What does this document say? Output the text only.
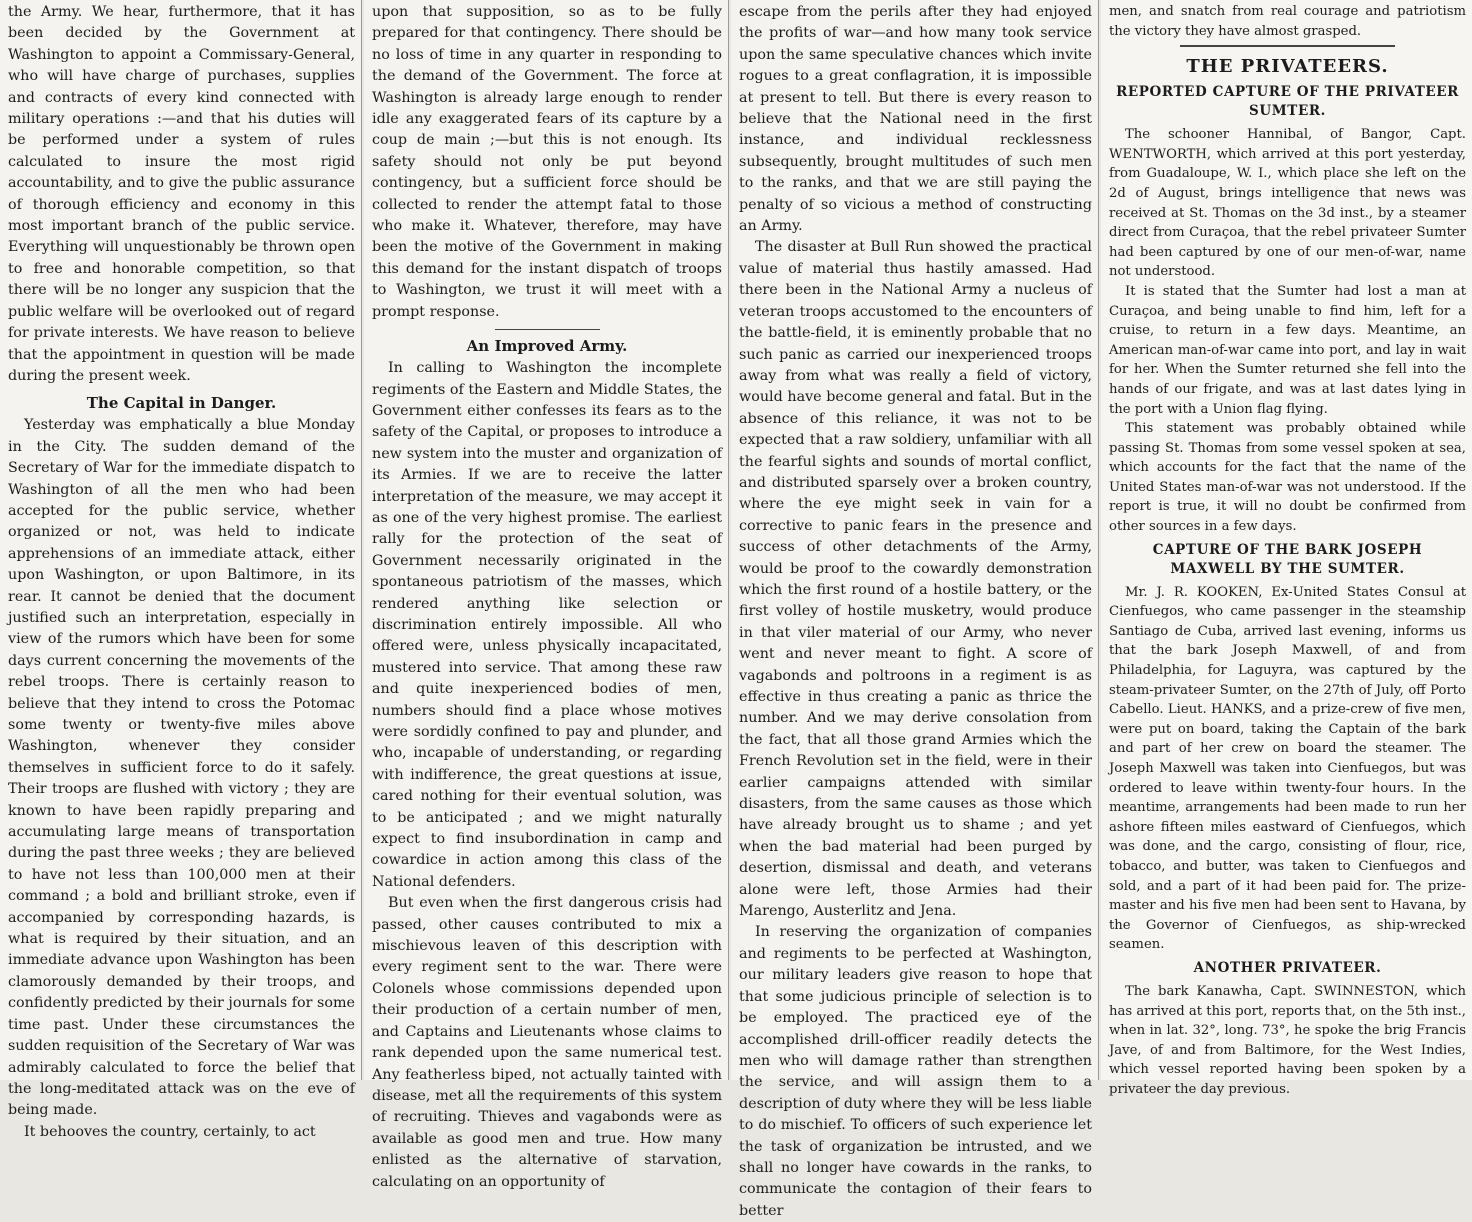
the Army. We hear, furthermore, that it has been decided by the Government at Washington to appoint a Commissary-General, who will have charge of purchases, supplies and contracts of every kind connected with military operations :—and that his duties will be performed under a system of rules calculated to insure the most rigid accountability, and to give the public assurance of thorough efficiency and economy in this most important branch of the public service. Everything will unquestionably be thrown open to free and honorable competition, so that there will be no longer any suspicion that the public welfare will be overlooked out of regard for private interests. We have reason to believe that the appointment in question will be made during the present week.

The Capital in Danger.

Yesterday was emphatically a blue Monday in the City. The sudden demand of the Secretary of War for the immediate dispatch to Washington of all the men who had been accepted for the public service, whether organized or not, was held to indicate apprehensions of an immediate attack, either upon Washington, or upon Baltimore, in its rear. It cannot be denied that the document justified such an interpretation, especially in view of the rumors which have been for some days current concerning the movements of the rebel troops. There is certainly reason to believe that they intend to cross the Potomac some twenty or twenty-five miles above Washington, whenever they consider themselves in sufficient force to do it safely. Their troops are flushed with victory ; they are known to have been rapidly preparing and accumulating large means of transportation during the past three weeks ; they are believed to have not less than 100,000 men at their command ; a bold and brilliant stroke, even if accompanied by corresponding hazards, is what is required by their situation, and an immediate advance upon Washington has been clamorously demanded by their troops, and confidently predicted by their journals for some time past. Under these circumstances the sudden requisition of the Secretary of War was admirably calculated to force the belief that the long-meditated attack was on the eve of being made.

It behooves the country, certainly, to act

upon that supposition, so as to be fully prepared for that contingency. There should be no loss of time in any quarter in responding to the demand of the Government. The force at Washington is already large enough to render idle any exaggerated fears of its capture by a coup de main ;—but this is not enough. Its safety should not only be put beyond contingency, but a sufficient force should be collected to render the attempt fatal to those who make it. Whatever, therefore, may have been the motive of the Government in making this demand for the instant dispatch of troops to Washington, we trust it will meet with a prompt response.

An Improved Army.

In calling to Washington the incomplete regiments of the Eastern and Middle States, the Government either confesses its fears as to the safety of the Capital, or proposes to introduce a new system into the muster and organization of its Armies. If we are to receive the latter interpretation of the measure, we may accept it as one of the very highest promise. The earliest rally for the protection of the seat of Government necessarily originated in the spontaneous patriotism of the masses, which rendered anything like selection or discrimination entirely impossible. All who offered were, unless physically incapacitated, mustered into service. That among these raw and quite inexperienced bodies of men, numbers should find a place whose motives were sordidly confined to pay and plunder, and who, incapable of understanding, or regarding with indifference, the great questions at issue, cared nothing for their eventual solution, was to be anticipated ; and we might naturally expect to find insubordination in camp and cowardice in action among this class of the National defenders.

But even when the first dangerous crisis had passed, other causes contributed to mix a mischievous leaven of this description with every regiment sent to the war. There were Colonels whose commissions depended upon their production of a certain number of men, and Captains and Lieutenants whose claims to rank depended upon the same numerical test. Any featherless biped, not actually tainted with disease, met all the requirements of this system of recruiting. Thieves and vagabonds were as available as good men and true. How many enlisted as the alternative of starvation, calculating on an opportunity of

escape from the perils after they had enjoyed the profits of war—and how many took service upon the same speculative chances which invite rogues to a great conflagration, it is impossible at present to tell. But there is every reason to believe that the National need in the first instance, and individual recklessness subsequently, brought multitudes of such men to the ranks, and that we are still paying the penalty of so vicious a method of constructing an Army.

The disaster at Bull Run showed the practical value of material thus hastily amassed. Had there been in the National Army a nucleus of veteran troops accustomed to the encounters of the battle-field, it is eminently probable that no such panic as carried our inexperienced troops away from what was really a field of victory, would have become general and fatal. But in the absence of this reliance, it was not to be expected that a raw soldiery, unfamiliar with all the fearful sights and sounds of mortal conflict, and distributed sparsely over a broken country, where the eye might seek in vain for a corrective to panic fears in the presence and success of other detachments of the Army, would be proof to the cowardly demonstration which the first round of a hostile battery, or the first volley of hostile musketry, would produce in that viler material of our Army, who never went and never meant to fight. A score of vagabonds and poltroons in a regiment is as effective in thus creating a panic as thrice the number. And we may derive consolation from the fact, that all those grand Armies which the French Revolution set in the field, were in their earlier campaigns attended with similar disasters, from the same causes as those which have already brought us to shame ; and yet when the bad material had been purged by desertion, dismissal and death, and veterans alone were left, those Armies had their Marengo, Austerlitz and Jena.

In reserving the organization of companies and regiments to be perfected at Washington, our military leaders give reason to hope that that some judicious principle of selection is to be employed. The practiced eye of the accomplished drill-officer readily detects the men who will damage rather than strengthen the service, and will assign them to a description of duty where they will be less liable to do mischief. To officers of such experience let the task of organization be intrusted, and we shall no longer have cowards in the ranks, to communicate the contagion of their fears to better

men, and snatch from real courage and patriotism the victory they have almost grasped.

THE PRIVATEERS.
REPORTED CAPTURE OF THE PRIVATEER SUMTER.

The schooner Hannibal, of Bangor, Capt. WENTWORTH, which arrived at this port yesterday, from Guadaloupe, W. I., which place she left on the 2d of August, brings intelligence that news was received at St. Thomas on the 3d inst., by a steamer direct from Curaçoa, that the rebel privateer Sumter had been captured by one of our men-of-war, name not understood.

It is stated that the Sumter had lost a man at Curaçoa, and being unable to find him, left for a cruise, to return in a few days. Meantime, an American man-of-war came into port, and lay in wait for her. When the Sumter returned she fell into the hands of our frigate, and was at last dates lying in the port with a Union flag flying.

This statement was probably obtained while passing St. Thomas from some vessel spoken at sea, which accounts for the fact that the name of the United States man-of-war was not understood. If the report is true, it will no doubt be confirmed from other sources in a few days.

CAPTURE OF THE BARK JOSEPH MAXWELL BY THE SUMTER.

Mr. J. R. KOOKEN, Ex-United States Consul at Cienfuegos, who came passenger in the steamship Santiago de Cuba, arrived last evening, informs us that the bark Joseph Maxwell, of and from Philadelphia, for Laguyra, was captured by the steam-privateer Sumter, on the 27th of July, off Porto Cabello. Lieut. HANKS, and a prize-crew of five men, were put on board, taking the Captain of the bark and part of her crew on board the steamer. The Joseph Maxwell was taken into Cienfuegos, but was ordered to leave within twenty-four hours. In the meantime, arrangements had been made to run her ashore fifteen miles eastward of Cienfuegos, which was done, and the cargo, consisting of flour, rice, tobacco, and butter, was taken to Cienfuegos and sold, and a part of it had been paid for. The prize-master and his five men had been sent to Havana, by the Governor of Cienfuegos, as ship-wrecked seamen.

ANOTHER PRIVATEER.

The bark Kanawha, Capt. SWINNESTON, which has arrived at this port, reports that, on the 5th inst., when in lat. 32°, long. 73°, he spoke the brig Francis Jave, of and from Baltimore, for the West Indies, which vessel reported having been spoken by a privateer the day previous.
